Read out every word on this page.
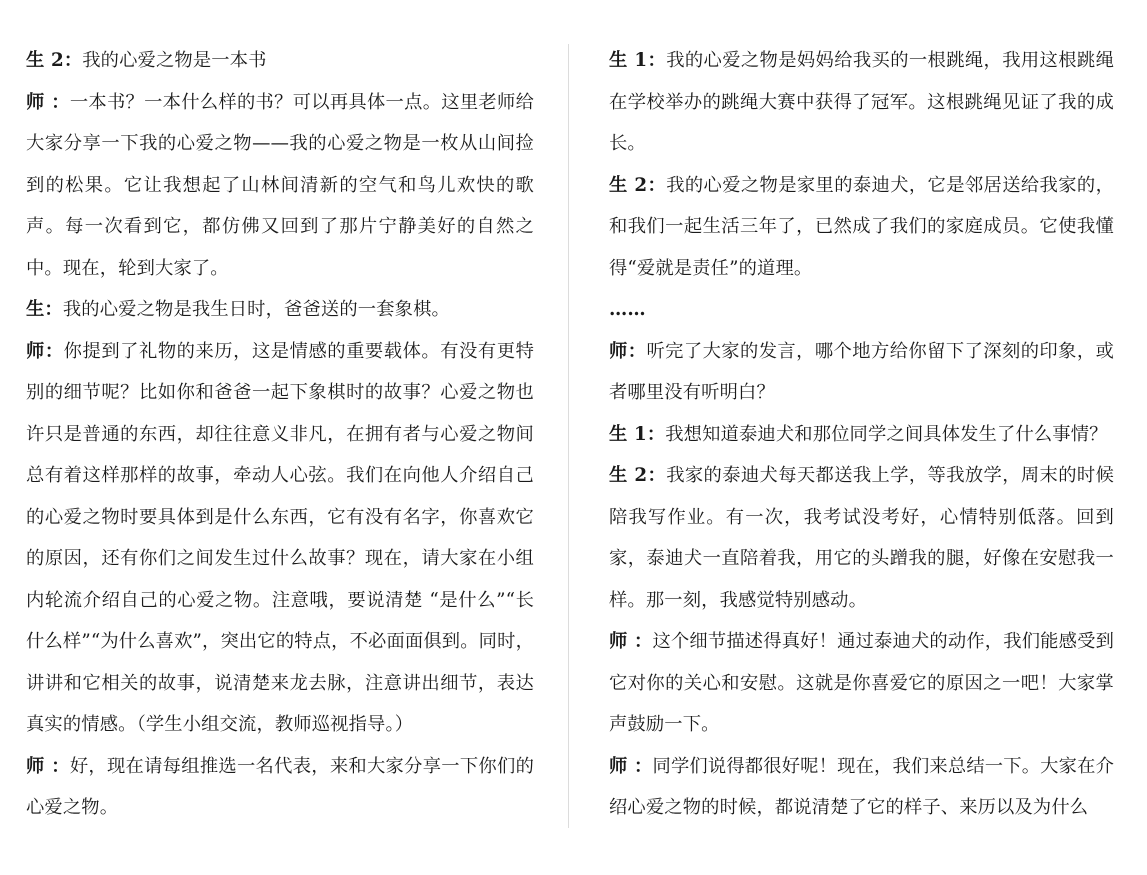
生 2：我的心爱之物是一本书

师 ：一本书？一本什么样的书？可以再具体一点。这里老师给大家分享一下我的心爱之物——我的心爱之物是一枚从山间捡到的松果。它让我想起了山林间清新的空气和鸟儿欢快的歌声。每一次看到它，都仿佛又回到了那片宁静美好的自然之中。现在，轮到大家了。

生：我的心爱之物是我生日时，爸爸送的一套象棋。

师：你提到了礼物的来历，这是情感的重要载体。有没有更特别的细节呢？比如你和爸爸一起下象棋时的故事？心爱之物也许只是普通的东西，却往往意义非凡，在拥有者与心爱之物间总有着这样那样的故事，牵动人心弦。我们在向他人介绍自己的心爱之物时要具体到是什么东西，它有没有名字，你喜欢它的原因，还有你们之间发生过什么故事？现在，请大家在小组内轮流介绍自己的心爱之物。注意哦，要说清楚 “是什么”“长什么样”“为什么喜欢”，突出它的特点，不必面面俱到。同时，讲讲和它相关的故事，说清楚来龙去脉，注意讲出细节，表达真实的情感。（学生小组交流，教师巡视指导。）

师 ：好，现在请每组推选一名代表，来和大家分享一下你们的心爱之物。

生 1：我的心爱之物是妈妈给我买的一根跳绳，我用这根跳绳在学校举办的跳绳大赛中获得了冠军。这根跳绳见证了我的成长。

生 2：我的心爱之物是家里的泰迪犬，它是邻居送给我家的，和我们一起生活三年了，已然成了我们的家庭成员。它使我懂得“爱就是责任”的道理。

……

师：听完了大家的发言，哪个地方给你留下了深刻的印象，或者哪里没有听明白？

生 1：我想知道泰迪犬和那位同学之间具体发生了什么事情？

生 2：我家的泰迪犬每天都送我上学，等我放学，周末的时候陪我写作业。有一次，我考试没考好，心情特别低落。回到家，泰迪犬一直陪着我，用它的头蹭我的腿，好像在安慰我一样。那一刻，我感觉特别感动。

师 ：这个细节描述得真好！通过泰迪犬的动作，我们能感受到它对你的关心和安慰。这就是你喜爱它的原因之一吧！大家掌声鼓励一下。

师 ：同学们说得都很好呢！现在，我们来总结一下。大家在介绍心爱之物的时候，都说清楚了它的样子、来历以及为什么
